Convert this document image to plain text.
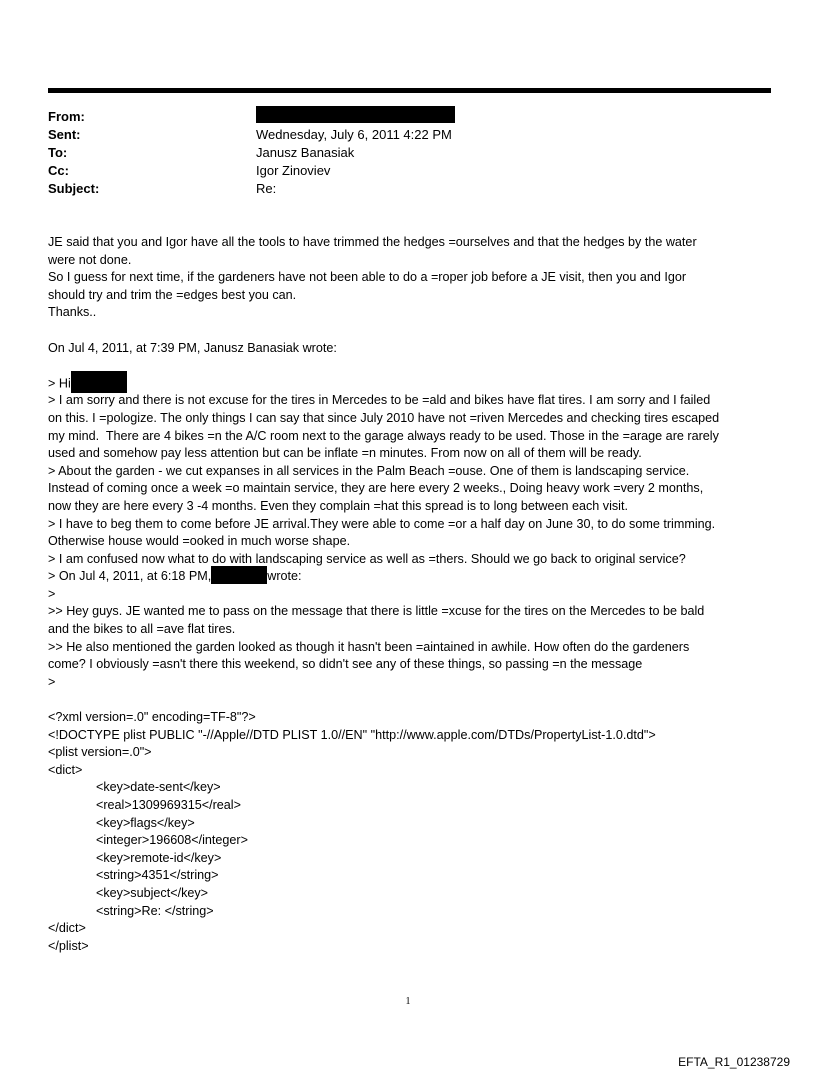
From:
Sent:	Wednesday, July 6, 2011 4:22 PM
To:	Janusz Banasiak
Cc:	Igor Zinoviev
Subject:	Re:
JE said that you and Igor have all the tools to have trimmed the hedges =ourselves and that the hedges by the water
were not done.
So I guess for next time, if the gardeners have not been able to do a =roper job before a JE visit, then you and Igor
should try and trim the =edges best you can.
Thanks..
On Jul 4, 2011, at 7:39 PM, Janusz Banasiak wrote:
> Hi
> I am sorry and there is not excuse for the tires in Mercedes to be =ald and bikes have flat tires. I am sorry and I failed
on this. I =pologize. The only things I can say that since July 2010 have not =riven Mercedes and checking tires escaped
my mind.  There are 4 bikes =n the A/C room next to the garage always ready to be used. Those in the =arage are rarely
used and somehow pay less attention but can be inflate =n minutes. From now on all of them will be ready.
> About the garden - we cut expanses in all services in the Palm Beach =ouse. One of them is landscaping service.
Instead of coming once a week =o maintain service, they are here every 2 weeks., Doing heavy work =very 2 months,
now they are here every 3 -4 months. Even they complain =hat this spread is to long between each visit.
> I have to beg them to come before JE arrival.They were able to come =or a half day on June 30, to do some trimming.
Otherwise house would =ooked in much worse shape.
> I am confused now what to do with landscaping service as well as =thers. Should we go back to original service?
> On Jul 4, 2011, at 6:18 PM,	wrote:
>
>> Hey guys. JE wanted me to pass on the message that there is little =xcuse for the tires on the Mercedes to be bald
and the bikes to all =ave flat tires.
>> He also mentioned the garden looked as though it hasn't been =aintained in awhile. How often do the gardeners
come? I obviously =asn't there this weekend, so didn't see any of these things, so passing =n the message
>
<?xml version=.0" encoding=TF-8"?>
<!DOCTYPE plist PUBLIC "-//Apple//DTD PLIST 1.0//EN" "http://www.apple.com/DTDs/PropertyList-1.0.dtd">
<plist version=.0">
<dict>
<key>date-sent</key>
<real>1309969315</real>
<key>flags</key>
<integer>196608</integer>
<key>remote-id</key>
<string>4351</string>
<key>subject</key>
<string>Re: </string>
</dict>
</plist>
1
EFTA_R1_01238729
